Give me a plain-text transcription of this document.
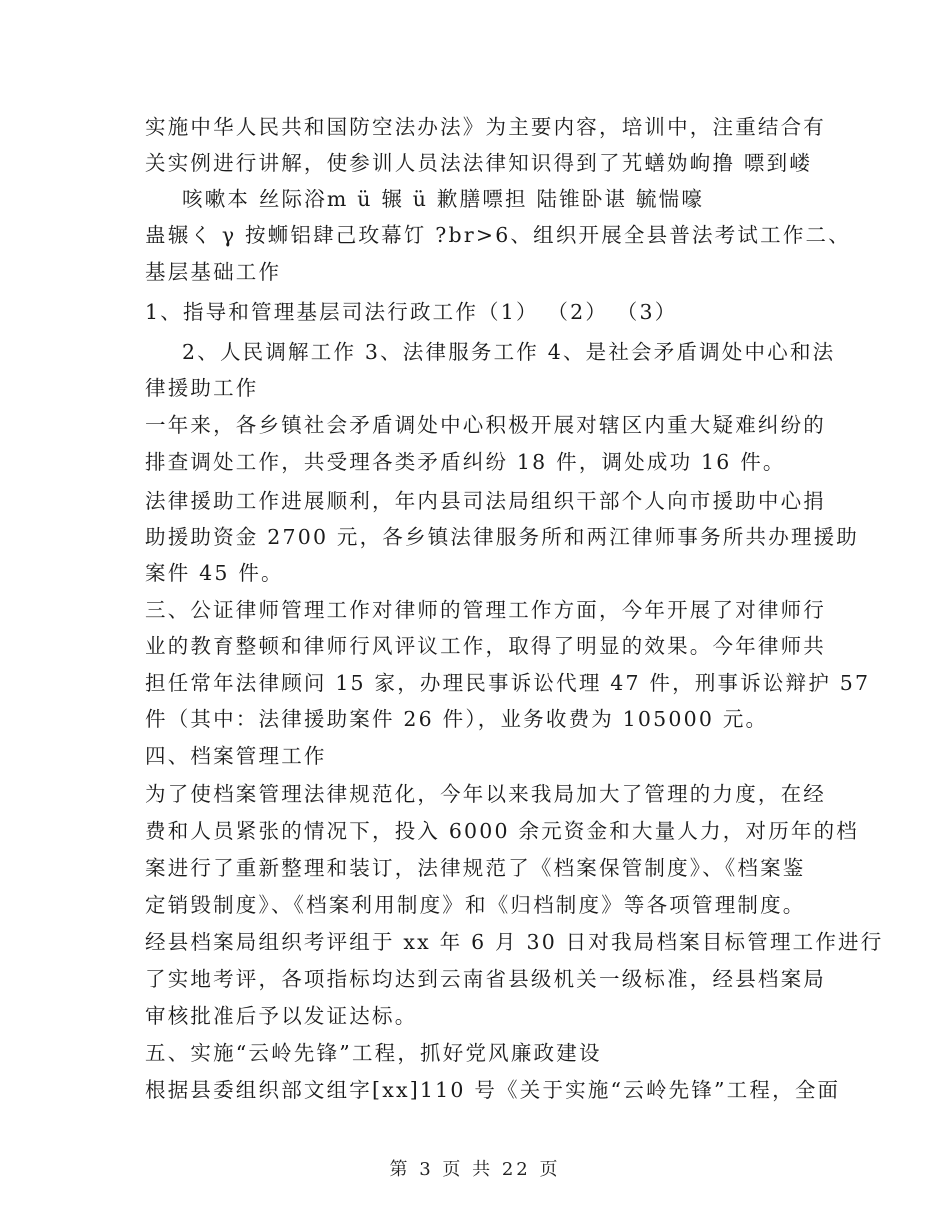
实施中华人民共和国防空法办法》为主要内容，培训中，注重结合有
关实例进行讲解，使参训人员法法律知识得到了艽蟮妫岣撸 嘌到嵝
咳嗽本 丝际浴m ü 辗 ü 歉膳嘌担 陆锥卧谌 毓惴嚎
蛊辗く γ 按蛳铝肆己玫幕饤 ?br>6、组织开展全县普法考试工作二、
基层基础工作
1、指导和管理基层司法行政工作（1） （2） （3）
2、人民调解工作 3、法律服务工作 4、是社会矛盾调处中心和法
律援助工作
一年来，各乡镇社会矛盾调处中心积极开展对辖区内重大疑难纠纷的
排查调处工作，共受理各类矛盾纠纷 18 件，调处成功 16 件。
法律援助工作进展顺利，年内县司法局组织干部个人向市援助中心捐
助援助资金 2700 元，各乡镇法律服务所和两江律师事务所共办理援助
案件 45 件。
三、公证律师管理工作对律师的管理工作方面，今年开展了对律师行
业的教育整顿和律师行风评议工作，取得了明显的效果。今年律师共
担任常年法律顾问 15 家，办理民事诉讼代理 47 件，刑事诉讼辩护 57
件（其中：法律援助案件 26 件），业务收费为 105000 元。
四、档案管理工作
为了使档案管理法律规范化，今年以来我局加大了管理的力度，在经
费和人员紧张的情况下，投入 6000 余元资金和大量人力，对历年的档
案进行了重新整理和装订，法律规范了《档案保管制度》、《档案鉴
定销毁制度》、《档案利用制度》和《归档制度》等各项管理制度。
经县档案局组织考评组于 xx 年 6 月 30 日对我局档案目标管理工作进行
了实地考评，各项指标均达到云南省县级机关一级标准，经县档案局
审核批准后予以发证达标。
五、实施“云岭先锋”工程，抓好党风廉政建设
根据县委组织部文组字[xx]110 号《关于实施“云岭先锋”工程，全面
第 3 页 共 22 页
